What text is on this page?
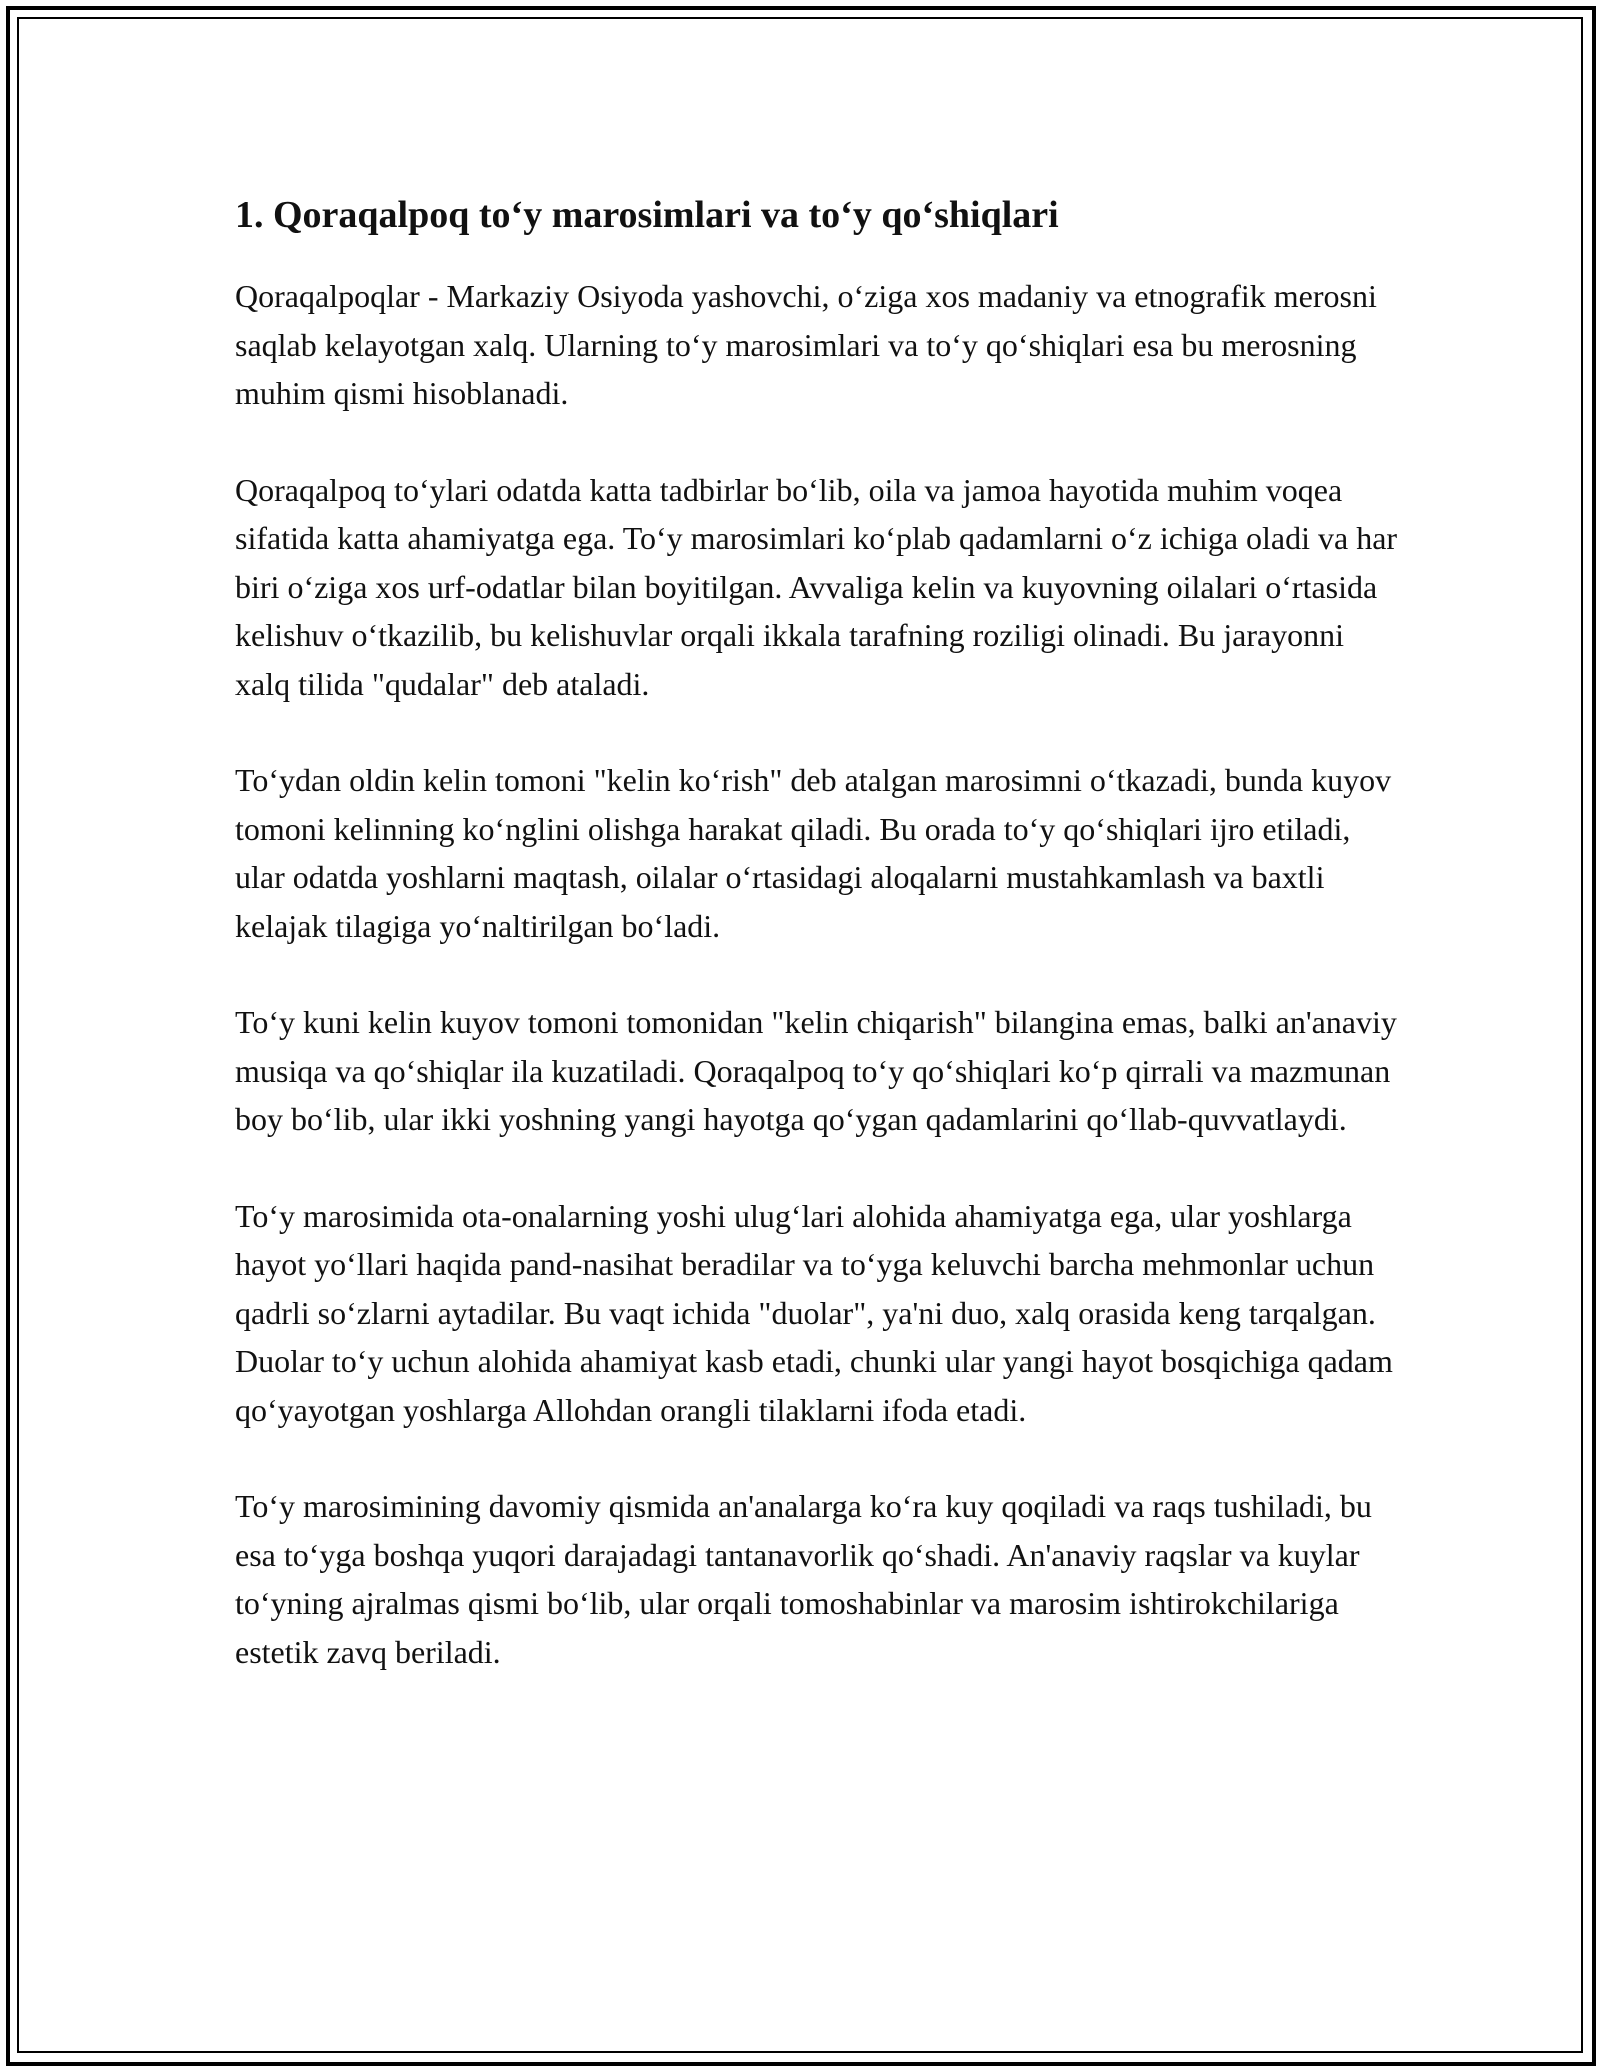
1. Qoraqalpoq to‘y marosimlari va to‘y qo‘shiqlari

Qoraqalpoqlar - Markaziy Osiyoda yashovchi, o‘ziga xos madaniy va etnografik merosni saqlab kelayotgan xalq. Ularning to‘y marosimlari va to‘y qo‘shiqlari esa bu merosning muhim qismi hisoblanadi.

Qoraqalpoq to‘ylari odatda katta tadbirlar bo‘lib, oila va jamoa hayotida muhim voqea sifatida katta ahamiyatga ega. To‘y marosimlari ko‘plab qadamlarni o‘z ichiga oladi va har biri o‘ziga xos urf-odatlar bilan boyitilgan. Avvaliga kelin va kuyovning oilalari o‘rtasida kelishuv o‘tkazilib, bu kelishuvlar orqali ikkala tarafning roziligi olinadi. Bu jarayonni xalq tilida "qudalar" deb ataladi.

To‘ydan oldin kelin tomoni "kelin ko‘rish" deb atalgan marosimni o‘tkazadi, bunda kuyov tomoni kelinning ko‘nglini olishga harakat qiladi. Bu orada to‘y qo‘shiqlari ijro etiladi, ular odatda yoshlarni maqtash, oilalar o‘rtasidagi aloqalarni mustahkamlash va baxtli kelajak tilagiga yo‘naltirilgan bo‘ladi.

To‘y kuni kelin kuyov tomoni tomonidan "kelin chiqarish" bilangina emas, balki an'anaviy musiqa va qo‘shiqlar ila kuzatiladi. Qoraqalpoq to‘y qo‘shiqlari ko‘p qirrali va mazmunan boy bo‘lib, ular ikki yoshning yangi hayotga qo‘ygan qadamlarini qo‘llab-quvvatlaydi.

To‘y marosimida ota-onalarning yoshi ulug‘lari alohida ahamiyatga ega, ular yoshlarga hayot yo‘llari haqida pand-nasihat beradilar va to‘yga keluvchi barcha mehmonlar uchun qadrli so‘zlarni aytadilar. Bu vaqt ichida "duolar", ya'ni duo, xalq orasida keng tarqalgan. Duolar to‘y uchun alohida ahamiyat kasb etadi, chunki ular yangi hayot bosqichiga qadam qo‘yayotgan yoshlarga Allohdan orangli tilaklarni ifoda etadi.

To‘y marosimining davomiy qismida an'analarga ko‘ra kuy qoqiladi va raqs tushiladi, bu esa to‘yga boshqa yuqori darajadagi tantanavorlik qo‘shadi. An'anaviy raqslar va kuylar to‘yning ajralmas qismi bo‘lib, ular orqali tomoshabinlar va marosim ishtirokchilariga estetik zavq beriladi.
